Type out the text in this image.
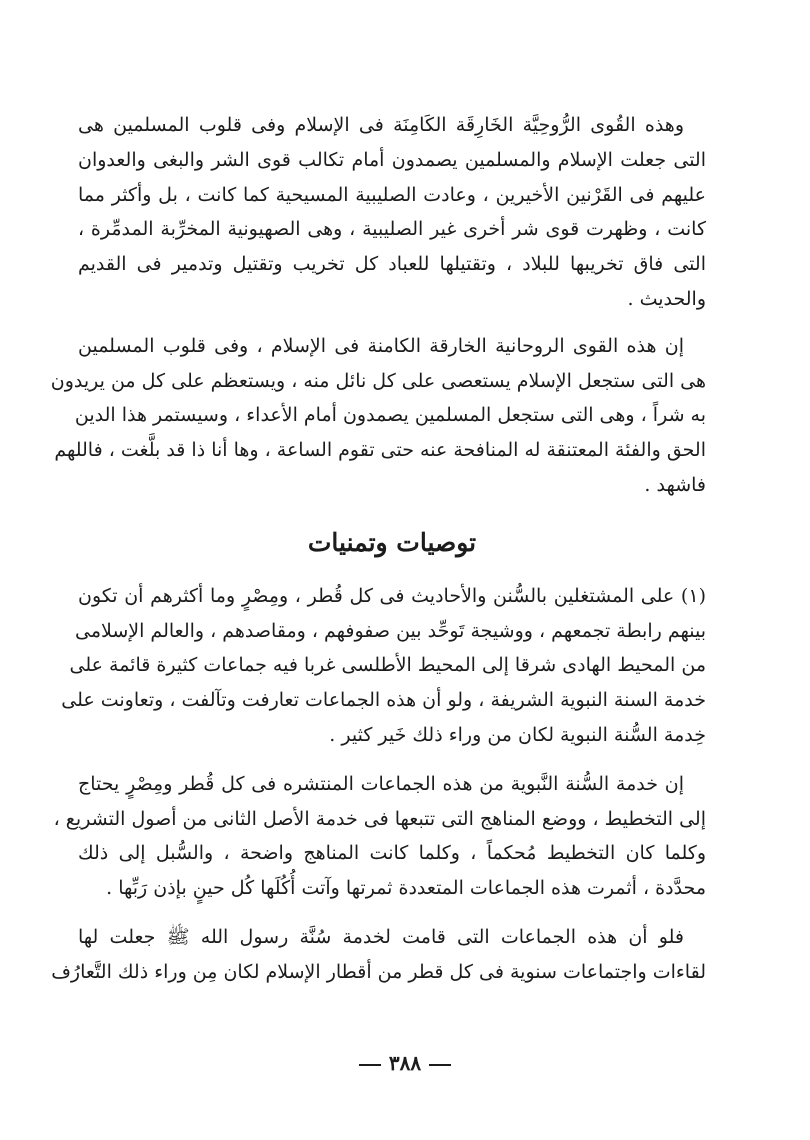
وهذه القُوى الرُّوحِيَّة الخَارِقَة الكَامِنَة فى الإسلام وفى قلوب المسلمين هى
التى جعلت الإسلام والمسلمين يصمدون أمام تكالب قوى الشر والبغى والعدوان
عليهم فى القَرْنين الأخيرين ، وعادت الصليبية المسيحية كما كانت ، بل وأكثر مما
كانت ، وظهرت قوى شر أخرى غير الصليبية ، وهى الصهيونية المخرِّبة المدمِّرة ،
التى فاق تخريبها للبلاد ، وتقتيلها للعباد كل تخريب وتقتيل وتدمير فى القديم
والحديث .

إن هذه القوى الروحانية الخارقة الكامنة فى الإسلام ، وفى قلوب المسلمين
هى التى ستجعل الإسلام يستعصى على كل نائل منه ، ويستعظم على كل من يريدون
به شراً ، وهى التى ستجعل المسلمين يصمدون أمام الأعداء ، وسيستمر هذا الدين
الحق والفئة المعتنقة له المنافحة عنه حتى تقوم الساعة ، وها أنا ذا قد بلَّغت ، فاللهم
فاشهد .

توصيات وتمنيات

(١) على المشتغلين بالسُّنن والأحاديث فى كل قُطر ، ومِصْرٍ وما أكثرهم أن تكون
بينهم رابطة تجمعهم ، ووشيجة تَوحِّد بين صفوفهم ، ومقاصدهم ، والعالم الإسلامى
من المحيط الهادى شرقا إلى المحيط الأطلسى غربا فيه جماعات كثيرة قائمة على
خدمة السنة النبوية الشريفة ، ولو أن هذه الجماعات تعارفت وتآلفت ، وتعاونت على
خِدمة السُّنة النبوية لكان من وراء ذلك خَير كثير .

إن خدمة السُّنة النَّبوية من هذه الجماعات المنتشره فى كل قُطر ومِصْرٍ يحتاج
إلى التخطيط ، ووضع المناهج التى تتبعها فى خدمة الأصل الثانى من أصول التشريع ،
وكلما كان التخطيط مُحكماً ، وكلما كانت المناهج واضحة ، والسُّبل إلى ذلك
محدَّدة ، أثمرت هذه الجماعات المتعددة ثمرتها وآتت أُكُلَها كُل حينٍ بإذن رَبِّها .

فلو أن هذه الجماعات التى قامت لخدمة سُنَّة رسول الله ﷺ جعلت لها
لقاءات واجتماعات سنوية فى كل قطر من أقطار الإسلام لكان مِن وراء ذلك التَّعارُف

٣٨٨
